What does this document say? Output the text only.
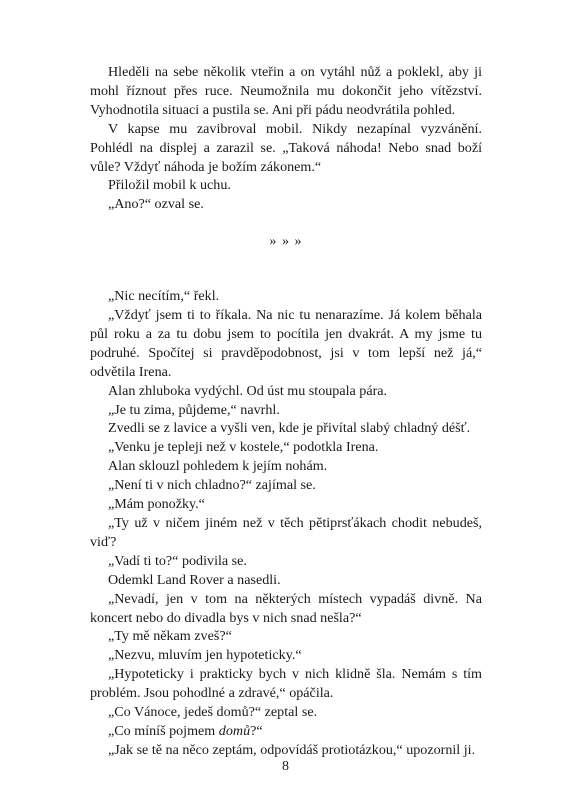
Hleděli na sebe několik vteřin a on vytáhl nůž a poklekl, aby ji mohl říznout přes ruce. Neumožnila mu dokončit jeho vítězství. Vyhodnotila situaci a pustila se. Ani při pádu neodvrátila pohled.

V kapse mu zavibroval mobil. Nikdy nezapínal vyzvánění. Pohlédl na displej a zarazil se. „Taková náhoda! Nebo snad boží vůle? Vždyť náhoda je božím zákonem.“

Přiložil mobil k uchu.

„Ano?“ ozval se.

» » »

„Nic necítím,“ řekl.

„Vždyť jsem ti to říkala. Na nic tu nenarazíme. Já kolem běhala půl roku a za tu dobu jsem to pocítila jen dvakrát. A my jsme tu podruhé. Spočítej si pravděpodobnost, jsi v tom lepší než já,“ odvětila Irena.

Alan zhluboka vydýchl. Od úst mu stoupala pára.

„Je tu zima, půjdeme,“ navrhl.

Zvedli se z lavice a vyšli ven, kde je přivítal slabý chladný déšť.

„Venku je tepleji než v kostele,“ podotkla Irena.

Alan sklouzl pohledem k jejím nohám.

„Není ti v nich chladno?“ zajímal se.

„Mám ponožky.“

„Ty už v ničem jiném než v těch pětiprsťákach chodit nebudeš, viď?

„Vadí ti to?“ podivila se.

Odemkl Land Rover a nasedli.

„Nevadí, jen v tom na některých místech vypadáš divně. Na koncert nebo do divadla bys v nich snad nešla?“

„Ty mě někam zveš?“

„Nezvu, mluvím jen hypoteticky.“

„Hypoteticky i prakticky bych v nich klidně šla. Nemám s tím problém. Jsou pohodlné a zdravé,“ opáčila.

„Co Vánoce, jedeš domů?“ zeptal se.

„Co míníš pojmem domů?“

„Jak se tě na něco zeptám, odpovídáš protiotázkou,“ upozornil ji.

8
